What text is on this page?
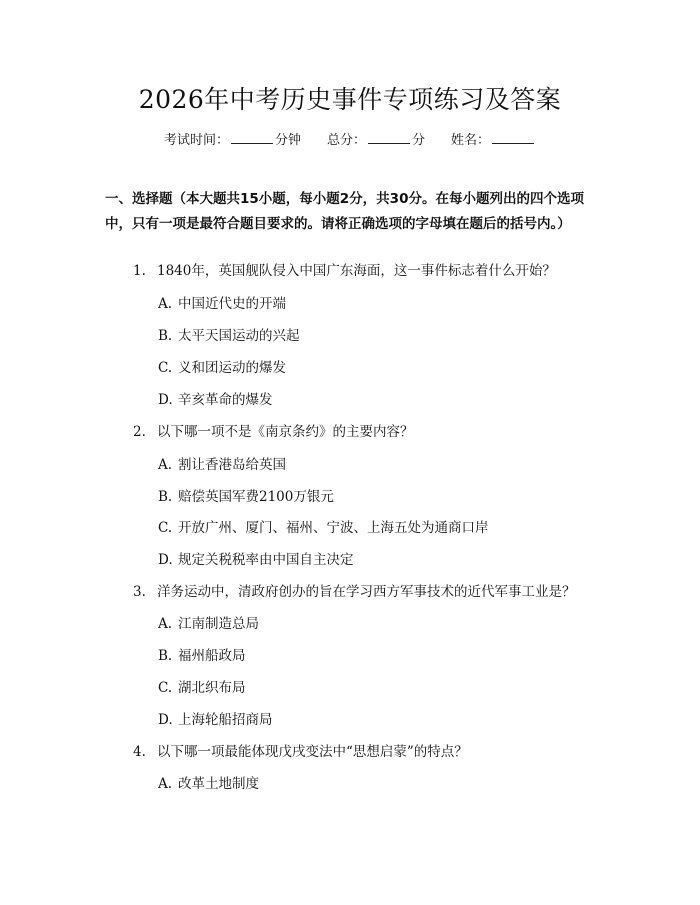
2026年中考历史事件专项练习及答案
考试时间：	分钟 总分：	分 姓名：
一、选择题（本大题共15小题，每小题2分，共30分。在每小题列出的四个选项中，只有一项是最符合题目要求的。请将正确选项的字母填在题后的括号内。）
1. 1840年，英国舰队侵入中国广东海面，这一事件标志着什么开始？
A. 中国近代史的开端
B. 太平天国运动的兴起
C. 义和团运动的爆发
D. 辛亥革命的爆发
2. 以下哪一项不是《南京条约》的主要内容？
A. 割让香港岛给英国
B. 赔偿英国军费2100万银元
C. 开放广州、厦门、福州、宁波、上海五处为通商口岸
D. 规定关税税率由中国自主决定
3. 洋务运动中，清政府创办的旨在学习西方军事技术的近代军事工业是？
A. 江南制造总局
B. 福州船政局
C. 湖北织布局
D. 上海轮船招商局
4. 以下哪一项最能体现戊戌变法中“思想启蒙”的特点？
A. 改革土地制度
